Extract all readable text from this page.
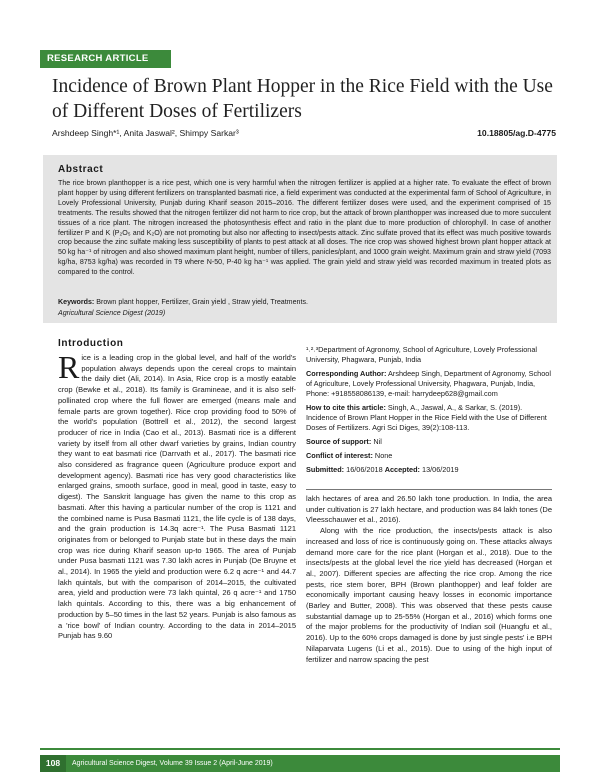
RESEARCH ARTICLE
Incidence of Brown Plant Hopper in the Rice Field with the Use of Different Doses of Fertilizers
Arshdeep Singh*¹, Anita Jaswal², Shimpy Sarkar³	10.18805/ag.D-4775
Abstract
The rice brown planthopper is a rice pest, which one is very harmful when the nitrogen fertilizer is applied at a higher rate. To evaluate the effect of brown plant hopper by using different fertilizers on transplanted basmati rice, a field experiment was conducted at the experimental farm of School of Agriculture, in Lovely Professional University, Punjab during Kharif season 2015–2016. The different fertilizer doses were used, and the experiment comprised of 15 treatments. The results showed that the nitrogen fertilizer did not harm to rice crop, but the attack of brown planthopper was increased due to more succulent tissues of a rice plant. The nitrogen increased the photosynthesis effect and ratio in the plant due to more production of chlorophyll. In case of another fertilizer P and K (P₂O₅ and K₂O) are not promoting but also nor affecting to insect/pests attack. Zinc sulfate proved that its effect was much positive towards crop because the zinc sulfate making less susceptibility of plants to pest attack at all doses. The rice crop was showed highest brown plant hopper attack at 50 kg ha⁻¹ of nitrogen and also showed maximum plant height, number of tillers, panicles/plant, and 1000 grain weight. Maximum grain and straw yield (7093 kg/ha, 8753 kg/ha) was recorded in T9 where N-50, P-40 kg ha⁻¹ was applied. The grain yield and straw yield was recorded maximum in treated plots as compared to the control.
Keywords: Brown plant hopper, Fertilizer, Grain yield , Straw yield, Treatments.
Agricultural Science Digest (2019)
Introduction
Rice is a leading crop in the global level, and half of the world's population always depends upon the cereal crops to maintain the daily diet (Ali, 2014). In Asia, Rice crop is a mostly eatable crop (Bewke et al., 2018). Its family is Gramineae, and it is also self-pollinated crop where the full flower are emerged (means male and female parts are grown together). Rice crop providing food to 50% of the world's population (Bottrell et al., 2012), the second largest producer of rice in India (Cao et al., 2013). Basmati rice is a different variety by itself from all other dwarf varieties by grains, Indian country they want to eat basmati rice (Darrvath et al., 2017). The basmati rice also considered as fragrance queen (Agriculture produce export and development agency). Basmati rice has very good characteristics like enlarged grains, smooth surface, good in meal, good in taste, easy to digest). The Sanskrit language has given the name to this crop as basmati. After this having a particular number of the crop is 1121 and the combined name is Pusa Basmati 1121, the life cycle is of 138 days, and the grain production is 14.3q acre⁻¹. The Pusa Basmati 1121 originates from or belonged to Punjab state but in these days the main crop was rice during Kharif season up-to 1965. The area of Punjab under Pusa basmati 1121 was 7.30 lakh acres in Punjab (De Bruyne et al., 2014). In 1965 the yield and production were 6.2 q acre⁻¹ and 44.7 lakh quintals, but with the comparison of 2014–2015, the cultivated area, yield and production were 73 lakh quintal, 26 q acre⁻¹ and 1750 lakh quintals. According to this, there was a big enhancement of production by 5–50 times in the last 52 years. Punjab is also famous as a 'rice bowl' of Indian country. According to the data in 2014–2015 Punjab has 9.60

¹˒²˒³Department of Agronomy, School of Agriculture, Lovely Professional University, Phagwara, Punjab, India

Corresponding Author: Arshdeep Singh, Department of Agronomy, School of Agriculture, Lovely Professional University, Phagwara, Punjab, India, Phone: +918558086139, e-mail: harrydeep628@gmail.com

How to cite this article: Singh, A., Jaswal, A., & Sarkar, S. (2019). Incidence of Brown Plant Hopper in the Rice Field with the Use of Different Doses of Fertilizers. Agri Sci Diges, 39(2):108-113.

Source of support: Nil

Conflict of interest: None

Submitted: 16/06/2018 Accepted: 13/06/2019

lakh hectares of area and 26.50 lakh tone production. In India, the area under cultivation is 27 lakh hectare, and production was 84 lakh tones (De Vleesschauwer et al., 2016).

Along with the rice production, the insects/pests attack is also increased and loss of rice is continuously going on. These attacks always demand more care for the rice plant (Horgan et al., 2018). Due to the insects/pests at the global level the rice yield has decreased (Horgan et al., 2007). Different species are affecting the rice crop. Among the rice pests, rice stem borer, BPH (Brown planthopper) and leaf folder are economically important causing heavy losses in economic importance (Barley and Butter, 2008). This was observed that these pests cause substantial damage up to 25-55% (Horgan et al., 2016) which forms one of the major problems for the productivity of Indian soil (Huangfu et al., 2016). Up to the 60% crops damaged is done by just single pests' i.e BPH Nilaparvata Lugens (Li et al., 2015). Due to using of the high input of fertilizer and narrow spacing the pest

108	Agricultural Science Digest, Volume 39 Issue 2 (April-June 2019)
